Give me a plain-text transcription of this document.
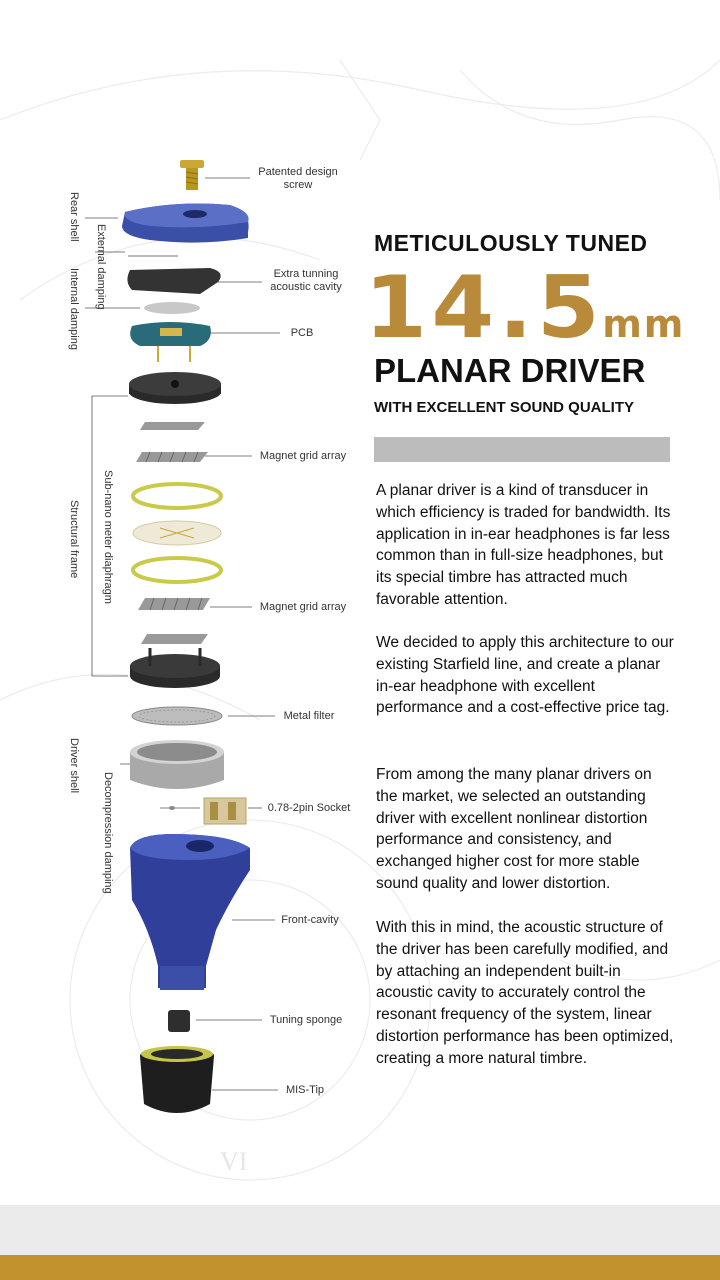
VI
Patented design screw
Extra tunning acoustic cavity
PCB
Magnet grid array
Magnet grid array
Metal filter
0.78-2pin Socket
Front-cavity
Tuning sponge
MIS-Tip
Rear shell
External damping
Internal damping
Structural frame Sub-nano meter diaphragm
Driver shell
Decompression damping
METICULOUSLY TUNED
14.5mm
PLANAR DRIVER
WITH EXCELLENT SOUND QUALITY
A planar driver is a kind of transducer in which efficiency is traded for bandwidth. Its application in in-ear headphones is far less common than in full-size headphones, but its special timbre has attracted much favorable attention.
We decided to apply this architecture to our existing Starfield line, and create a planar in-ear headphone with excellent performance and a cost-effective price tag.
From among the many planar drivers on the market, we selected an outstanding driver with excellent nonlinear distortion performance and consistency, and exchanged higher cost for more stable sound quality and lower distortion.
With this in mind, the acoustic structure of the driver has been carefully modified, and by attaching an independent built-in acoustic cavity to accurately control the resonant frequency of the system, linear distortion performance has been optimized, creating a more natural timbre.
